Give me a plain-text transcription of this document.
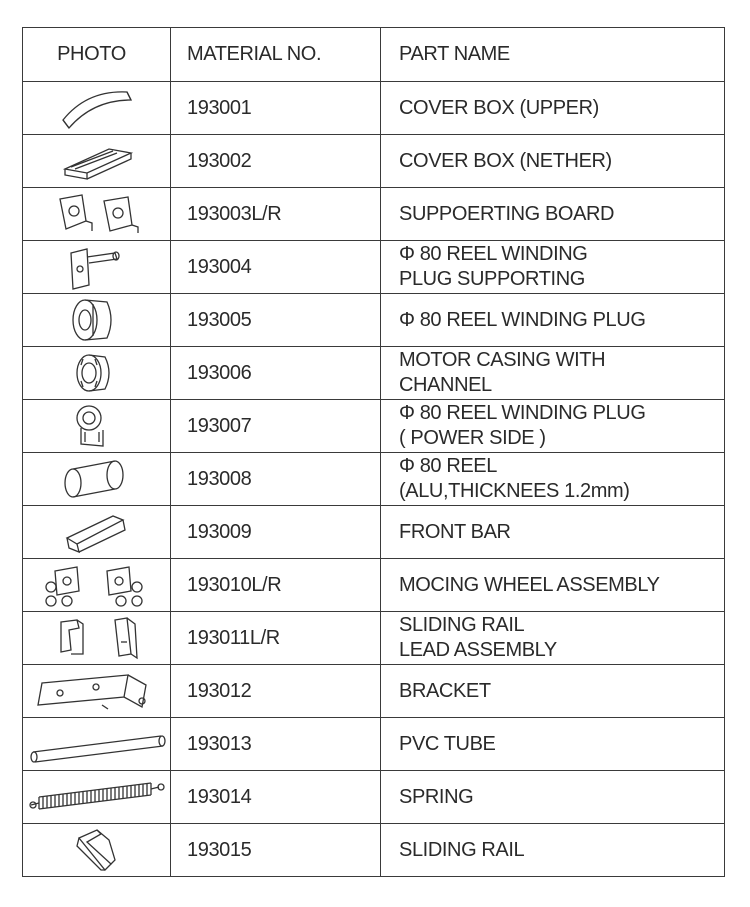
PHOTO	MATERIAL NO.	PART NAME

	193001	COVER BOX (UPPER)

	193002	COVER BOX (NETHER)

	193003L/R	SUPPOERTING BOARD

	193004	Φ 80 REEL WINDING
PLUG SUPPORTING

	193005	Φ 80 REEL WINDING PLUG

	193006	MOTOR CASING WITH
CHANNEL

	193007	Φ 80 REEL WINDING PLUG
( POWER SIDE )

	193008	Φ 80 REEL
(ALU,THICKNEES 1.2mm)

	193009	FRONT BAR

	193010L/R	MOCING WHEEL ASSEMBLY

	193011L/R	SLIDING RAIL
LEAD ASSEMBLY

	193012	BRACKET

	193013	PVC TUBE

	193014	SPRING

	193015	SLIDING RAIL
